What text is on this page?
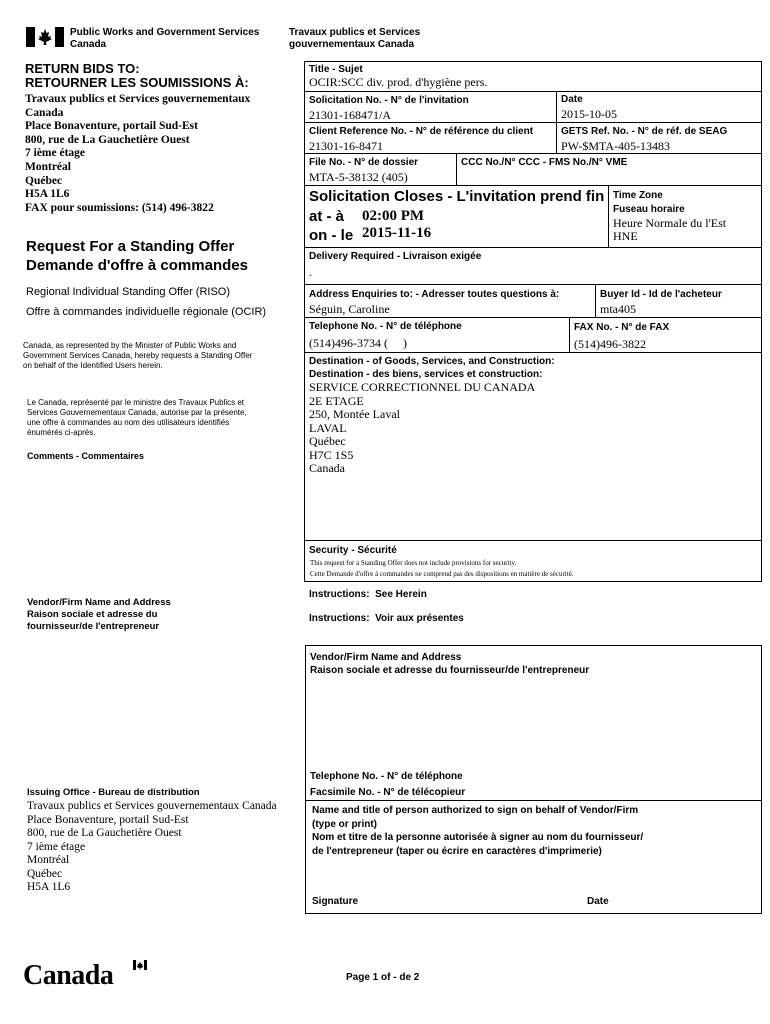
Public Works and Government Services
Canada
Travaux publics et Services
gouvernementaux Canada
RETURN BIDS TO:
RETOURNER LES SOUMISSIONS À:
Travaux publics et Services gouvernementaux
Canada
Place Bonaventure, portail Sud-Est
800, rue de La Gauchetière Ouest
7 ième étage
Montréal
Québec
H5A 1L6
FAX pour soumissions: (514) 496-3822
Request For a Standing Offer
Demande d'offre à commandes
Regional Individual Standing Offer (RISO)
Offre à commandes individuelle régionale (OCIR)
Canada, as represented by the Minister of Public Works and
Government Services Canada, hereby requests a Standing Offer
on behalf of the Identified Users herein.
Le Canada, représenté par le ministre des Travaux Publics et
Services Gouvernementaux Canada, autorise par la présente,
une offre à commandes au nom des utilisateurs identifiés
énumérés ci-après.
Comments - Commentaires
Vendor/Firm Name and Address
Raison sociale et adresse du
fournisseur/de l'entrepreneur
Issuing Office - Bureau de distribution
Travaux publics et Services gouvernementaux Canada
Place Bonaventure, portail Sud-Est
800, rue de La Gauchetière Ouest
7 ième étage
Montréal
Québec
H5A 1L6
Title - Sujet
OCIR:SCC div. prod. d'hygiène pers.
Solicitation No. - N° de l'invitation
21301-168471/A
Date
2015-10-05
Client Reference No. - N° de référence du client
21301-16-8471
GETS Ref. No. - N° de réf. de SEAG
PW-$MTA-405-13483
File No. - N° de dossier
MTA-5-38132 (405)
CCC No./N° CCC - FMS No./N° VME
Solicitation Closes - L'invitation prend fin
at - à 02:00 PM
on - le 2015-11-16
Time Zone
Fuseau horaire
Heure Normale du l'Est
HNE
Delivery Required - Livraison exigée
.
Address Enquiries to: - Adresser toutes questions à:
Séguin, Caroline
Buyer Id - Id de l'acheteur
mta405
Telephone No. - N° de téléphone
(514)496-3734 (     )
FAX No. - N° de FAX
(514)496-3822
Destination - of Goods, Services, and Construction:
Destination - des biens, services et construction:
SERVICE CORRECTIONNEL DU CANADA
2E ETAGE
250, Montée Laval
LAVAL
Québec
H7C 1S5
Canada
Security - Sécurité
This request for a Standing Offer does not include provisions for security.
Cette Demande d'offre à commandes ne comprend pas des dispositions en matière de sécurité.
Instructions:  See Herein
Instructions:  Voir aux présentes
Vendor/Firm Name and Address
Raison sociale et adresse du fournisseur/de l'entrepreneur
Telephone No. - N° de téléphone
Facsimile No. - N° de télécopieur
Name and title of person authorized to sign on behalf of Vendor/Firm
(type or print)
Nom et titre de la personne autorisée à signer au nom du fournisseur/
de l'entrepreneur (taper ou écrire en caractères d'imprimerie)
Signature	Date
Canada	Page 1 of - de 2
